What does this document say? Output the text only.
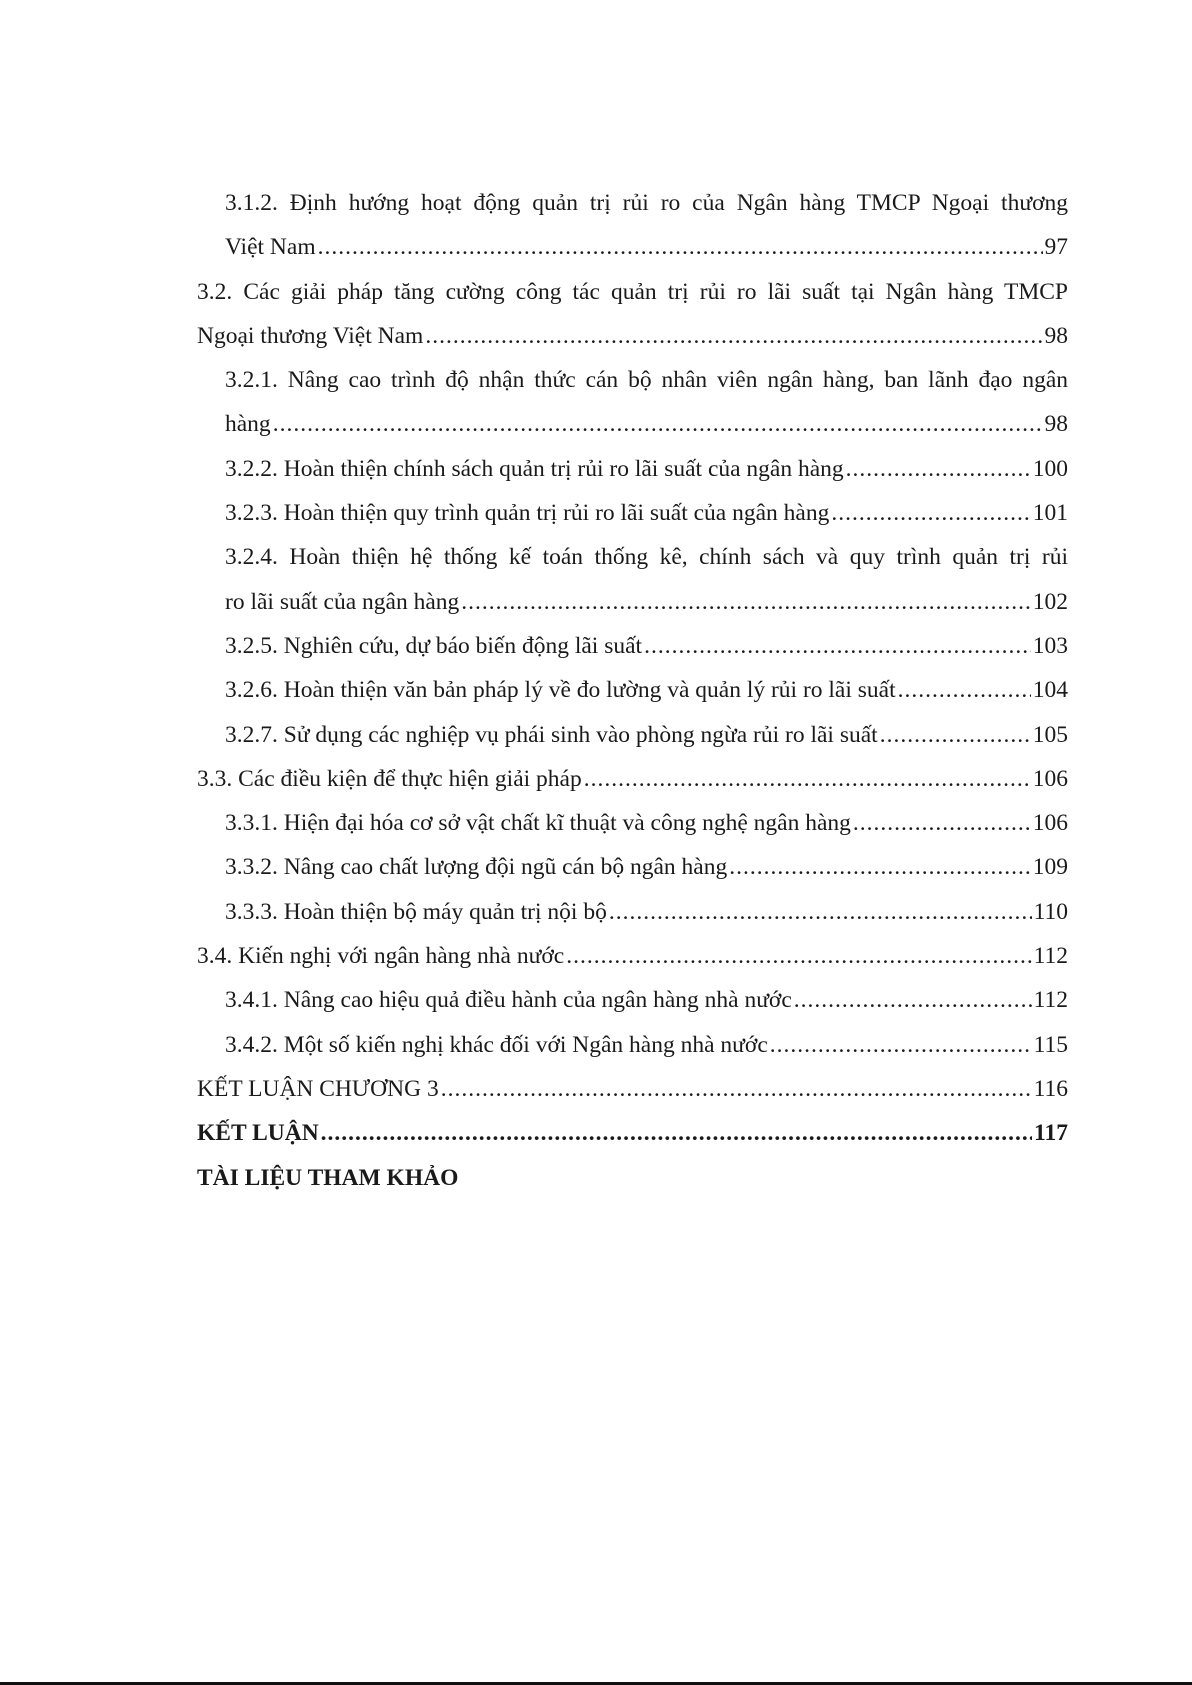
3.1.2. Định hướng hoạt động quản trị rủi ro của Ngân hàng TMCP Ngoại thương
Việt Nam .....	97
3.2. Các giải pháp tăng cường công tác quản trị rủi ro lãi suất tại Ngân hàng TMCP
Ngoại thương Việt Nam .....	98
3.2.1. Nâng cao trình độ nhận thức cán bộ nhân viên ngân hàng, ban lãnh đạo ngân
hàng .....	98
3.2.2. Hoàn thiện chính sách quản trị rủi ro lãi suất của ngân hàng .....	100
3.2.3. Hoàn thiện quy trình quản trị rủi ro lãi suất của ngân hàng .....	101
3.2.4. Hoàn thiện hệ thống kế toán thống kê, chính sách và quy trình quản trị rủi
ro lãi suất của ngân hàng .....	102
3.2.5. Nghiên cứu, dự báo biến động lãi suất .....	103
3.2.6. Hoàn thiện văn bản pháp lý về đo lường và quản lý rủi ro lãi suất .....	104
3.2.7. Sử dụng các nghiệp vụ phái sinh vào phòng ngừa rủi ro lãi suất .....	105
3.3. Các điều kiện để thực hiện giải pháp .....	106
3.3.1. Hiện đại hóa cơ sở vật chất kĩ thuật và công nghệ ngân hàng .....	106
3.3.2. Nâng cao chất lượng đội ngũ cán bộ ngân hàng .....	109
3.3.3. Hoàn thiện bộ máy quản trị nội bộ .....	110
3.4. Kiến nghị với ngân hàng nhà nước .....	112
3.4.1. Nâng cao hiệu quả điều hành của ngân hàng nhà nước .....	112
3.4.2. Một số kiến nghị khác đối với Ngân hàng nhà nước .....	115
KẾT LUẬN CHƯƠNG 3 .....	116
KẾT LUẬN .....	117
TÀI LIỆU THAM KHẢO
